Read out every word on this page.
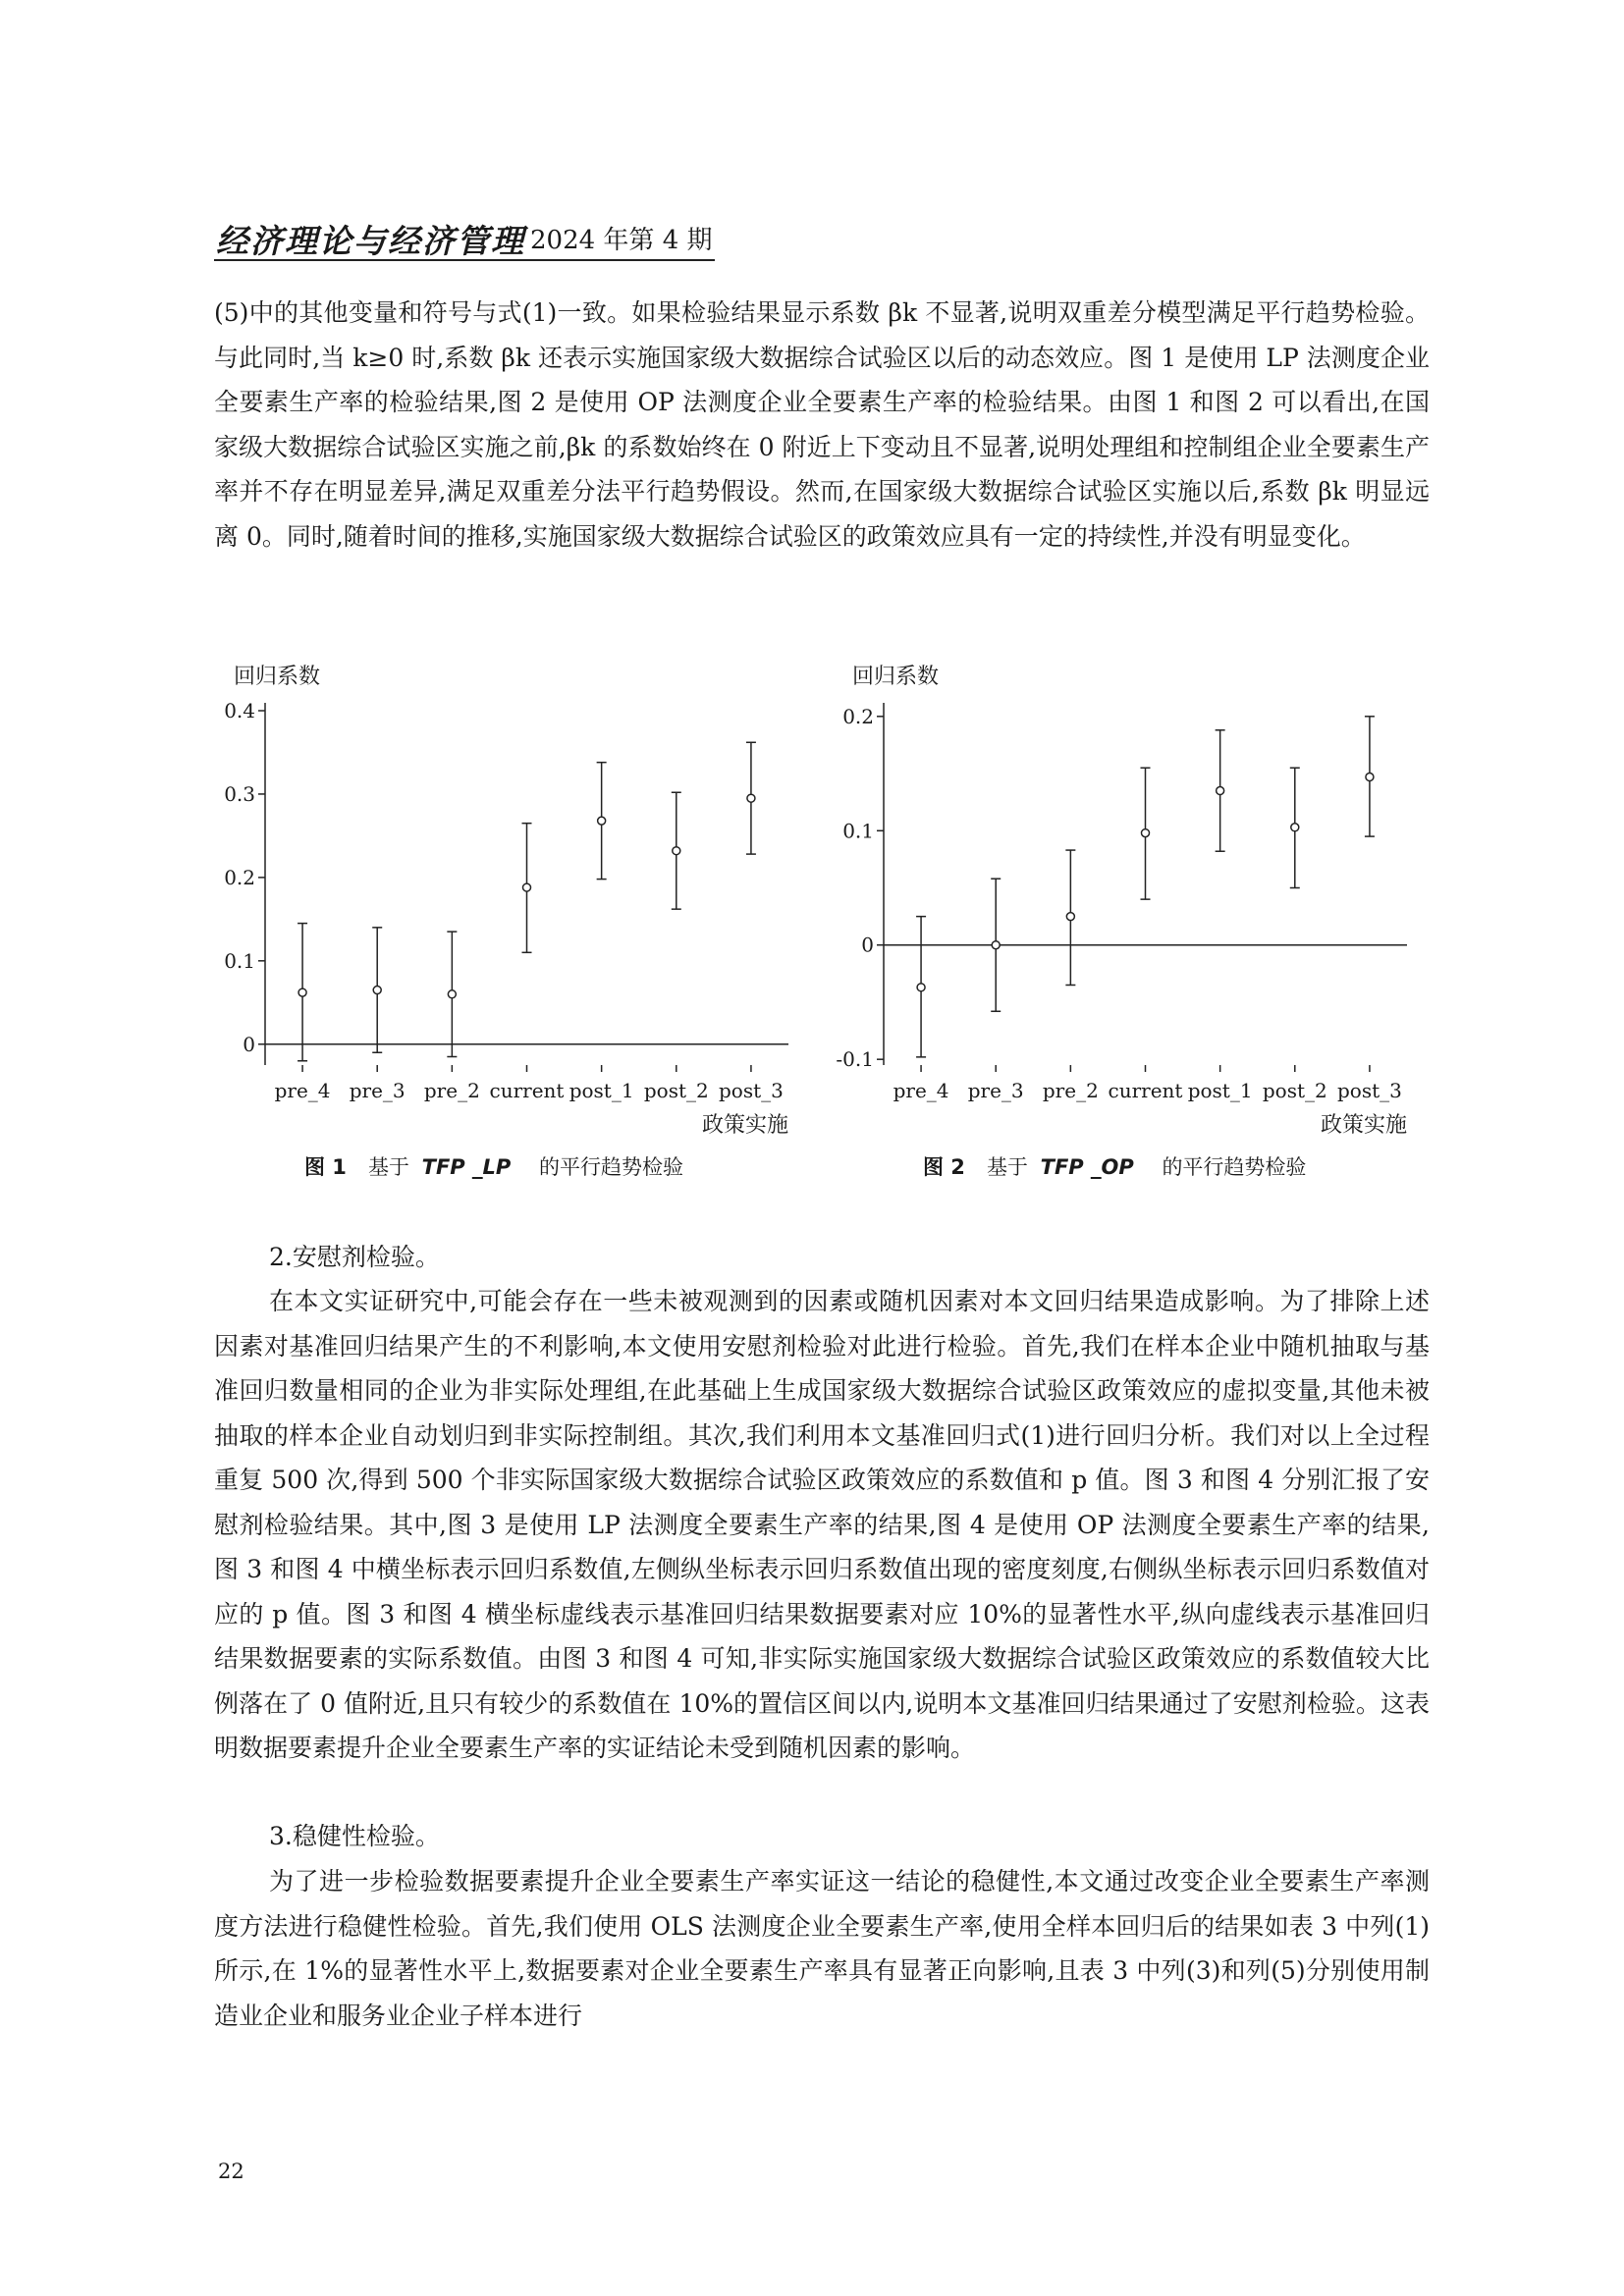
经济理论与经济管理 2024 年第 4 期

(5)中的其他变量和符号与式(1)一致。如果检验结果显示系数 βk 不显著,说明双重差分模型满足平行趋势检验。与此同时,当 k≥0 时,系数 βk 还表示实施国家级大数据综合试验区以后的动态效应。图 1 是使用 LP 法测度企业全要素生产率的检验结果,图 2 是使用 OP 法测度企业全要素生产率的检验结果。由图 1 和图 2 可以看出,在国家级大数据综合试验区实施之前,βk 的系数始终在 0 附近上下变动且不显著,说明处理组和控制组企业全要素生产率并不存在明显差异,满足双重差分法平行趋势假设。然而,在国家级大数据综合试验区实施以后,系数 βk 明显远离 0。同时,随着时间的推移,实施国家级大数据综合试验区的政策效应具有一定的持续性,并没有明显变化。

回归系数
0
0.1
0.2
0.3
0.4
pre_4 pre_3 pre_2 current post_1 post_2 post_3
政策实施
图 1 基于 TFP _LP 的平行趋势检验
回归系数
-0.1
0
0.1
0.2
pre_4 pre_3 pre_2 current post_1 post_2 post_3
政策实施
图 2 基于 TFP _OP 的平行趋势检验

2.安慰剂检验。

在本文实证研究中,可能会存在一些未被观测到的因素或随机因素对本文回归结果造成影响。为了排除上述因素对基准回归结果产生的不利影响,本文使用安慰剂检验对此进行检验。首先,我们在样本企业中随机抽取与基准回归数量相同的企业为非实际处理组,在此基础上生成国家级大数据综合试验区政策效应的虚拟变量,其他未被抽取的样本企业自动划归到非实际控制组。其次,我们利用本文基准回归式(1)进行回归分析。我们对以上全过程重复 500 次,得到 500 个非实际国家级大数据综合试验区政策效应的系数值和 p 值。图 3 和图 4 分别汇报了安慰剂检验结果。其中,图 3 是使用 LP 法测度全要素生产率的结果,图 4 是使用 OP 法测度全要素生产率的结果,图 3 和图 4 中横坐标表示回归系数值,左侧纵坐标表示回归系数值出现的密度刻度,右侧纵坐标表示回归系数值对应的 p 值。图 3 和图 4 横坐标虚线表示基准回归结果数据要素对应 10%的显著性水平,纵向虚线表示基准回归结果数据要素的实际系数值。由图 3 和图 4 可知,非实际实施国家级大数据综合试验区政策效应的系数值较大比例落在了 0 值附近,且只有较少的系数值在 10%的置信区间以内,说明本文基准回归结果通过了安慰剂检验。这表明数据要素提升企业全要素生产率的实证结论未受到随机因素的影响。

3.稳健性检验。

为了进一步检验数据要素提升企业全要素生产率实证这一结论的稳健性,本文通过改变企业全要素生产率测度方法进行稳健性检验。首先,我们使用 OLS 法测度企业全要素生产率,使用全样本回归后的结果如表 3 中列(1)所示,在 1%的显著性水平上,数据要素对企业全要素生产率具有显著正向影响,且表 3 中列(3)和列(5)分别使用制造业企业和服务业企业子样本进行

22
